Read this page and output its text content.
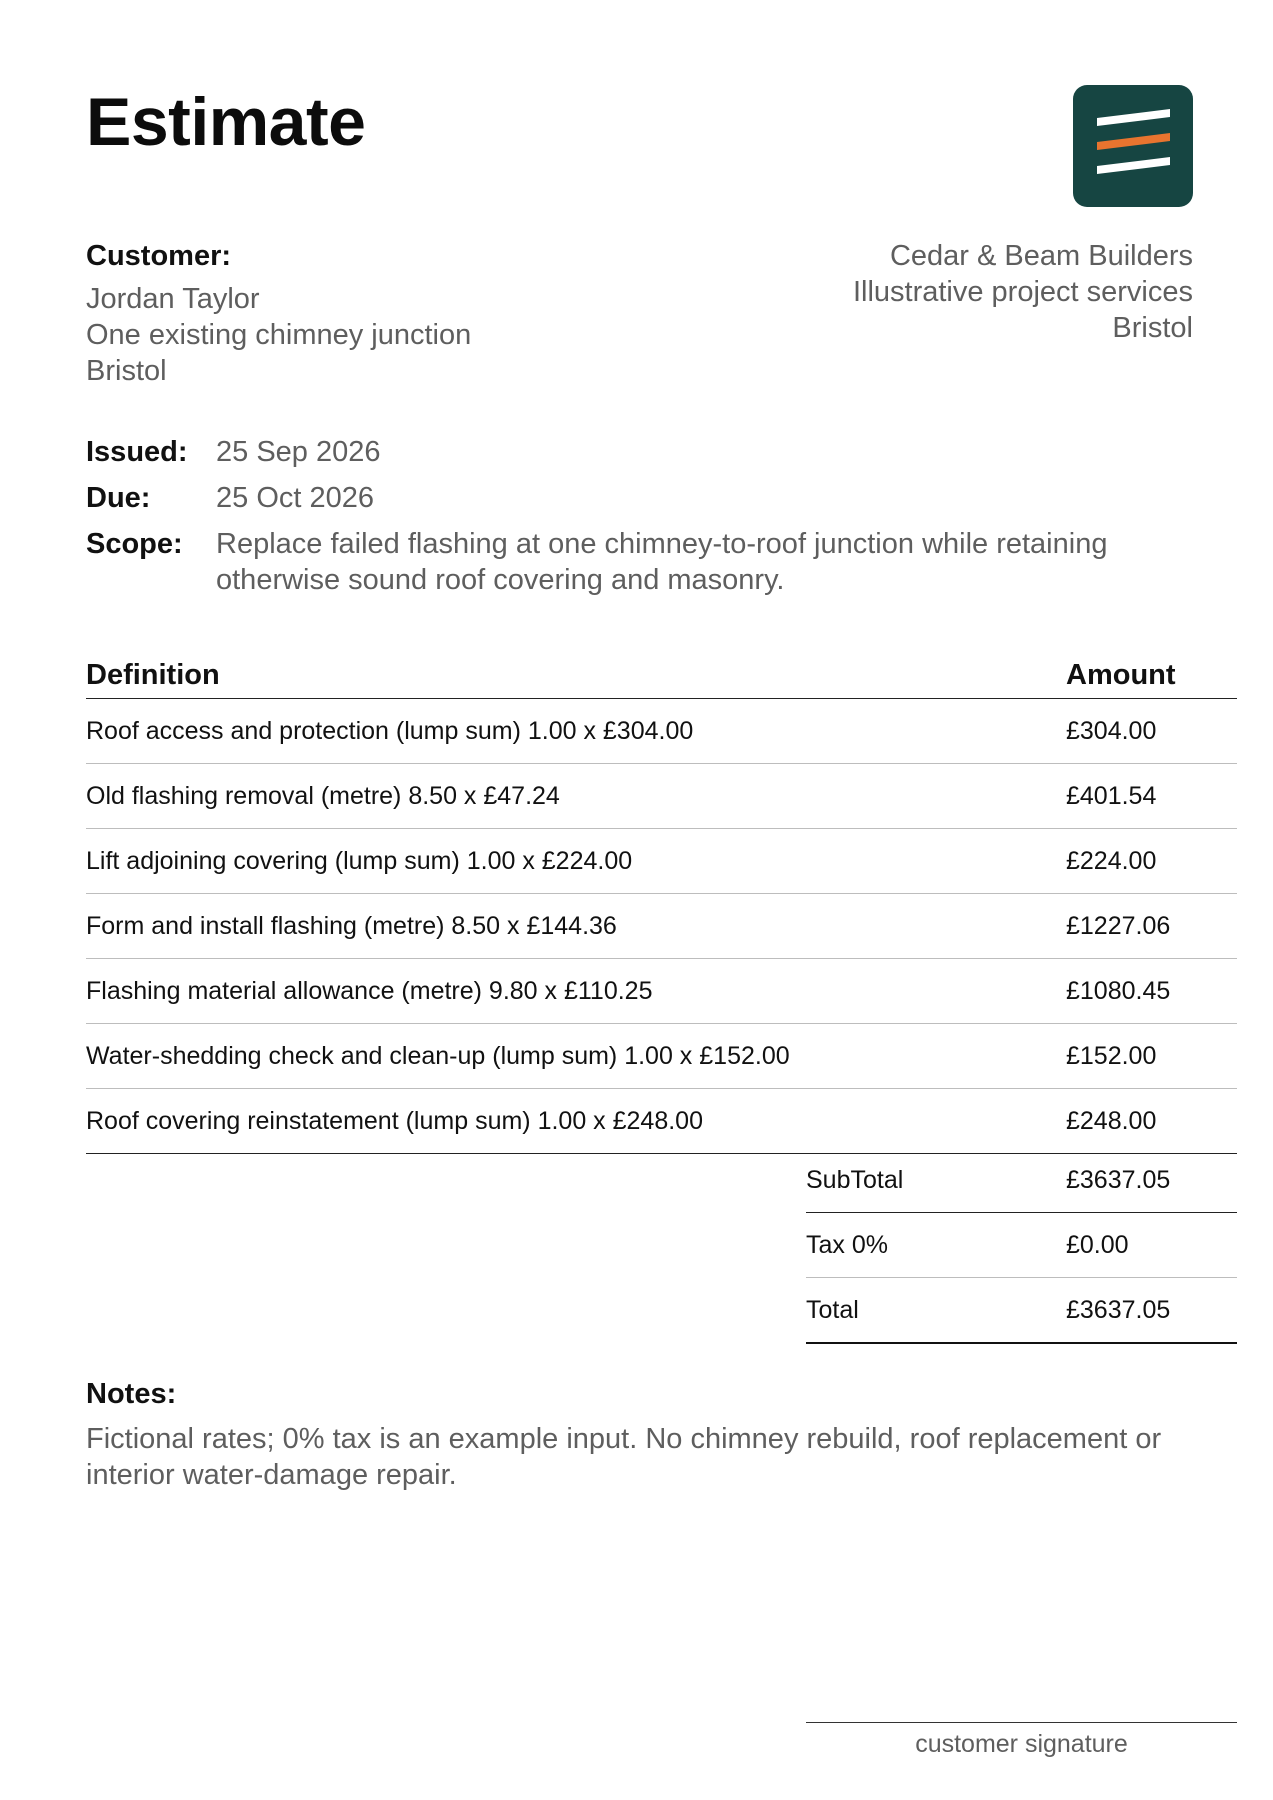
Estimate
Customer:
Jordan Taylor
One existing chimney junction
Bristol
Cedar & Beam Builders
Illustrative project services
Bristol
Issued: 25 Sep 2026
Due:	25 Oct 2026
Scope:	Replace failed flashing at one chimney-to-roof junction while retaining otherwise sound roof covering and masonry.
Definition	Amount
Roof access and protection (lump sum) 1.00 x £304.00	£304.00
Old flashing removal (metre) 8.50 x £47.24	£401.54
Lift adjoining covering (lump sum) 1.00 x £224.00	£224.00
Form and install flashing (metre) 8.50 x £144.36	£1227.06
Flashing material allowance (metre) 9.80 x £110.25	£1080.45
Water-shedding check and clean-up (lump sum) 1.00 x £152.00	£152.00
Roof covering reinstatement (lump sum) 1.00 x £248.00	£248.00
SubTotal	£3637.05
Tax 0%	£0.00
Total	£3637.05
Notes:
Fictional rates; 0% tax is an example input. No chimney rebuild, roof replacement or interior water-damage repair.
customer signature
